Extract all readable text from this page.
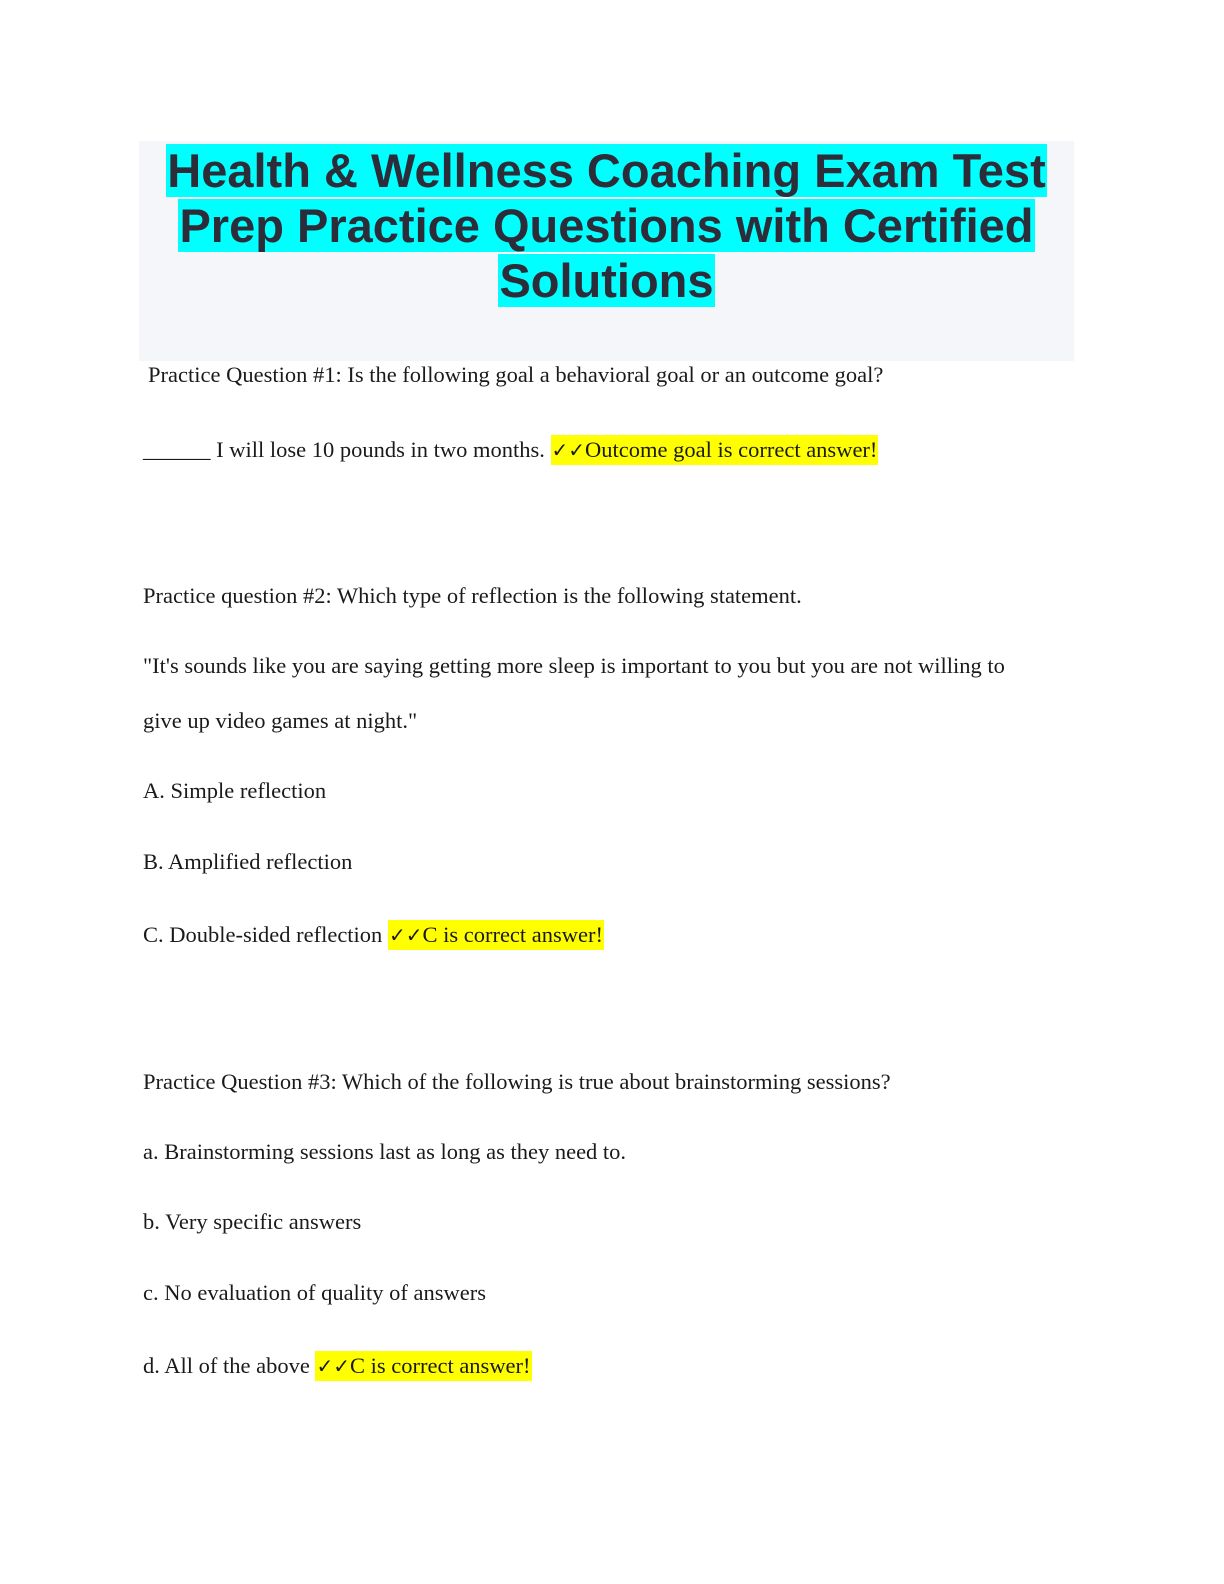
Health & Wellness Coaching Exam Test
Prep Practice Questions with Certified
Solutions
Practice Question #1: Is the following goal a behavioral goal or an outcome goal?
______ I will lose 10 pounds in two months. ✓✓Outcome goal is correct answer!
Practice question #2: Which type of reflection is the following statement.
"It's sounds like you are saying getting more sleep is important to you but you are not willing to
give up video games at night."
A. Simple reflection
B. Amplified reflection
C. Double-sided reflection ✓✓C is correct answer!
Practice Question #3: Which of the following is true about brainstorming sessions?
a. Brainstorming sessions last as long as they need to.
b. Very specific answers
c. No evaluation of quality of answers
d. All of the above ✓✓C is correct answer!
